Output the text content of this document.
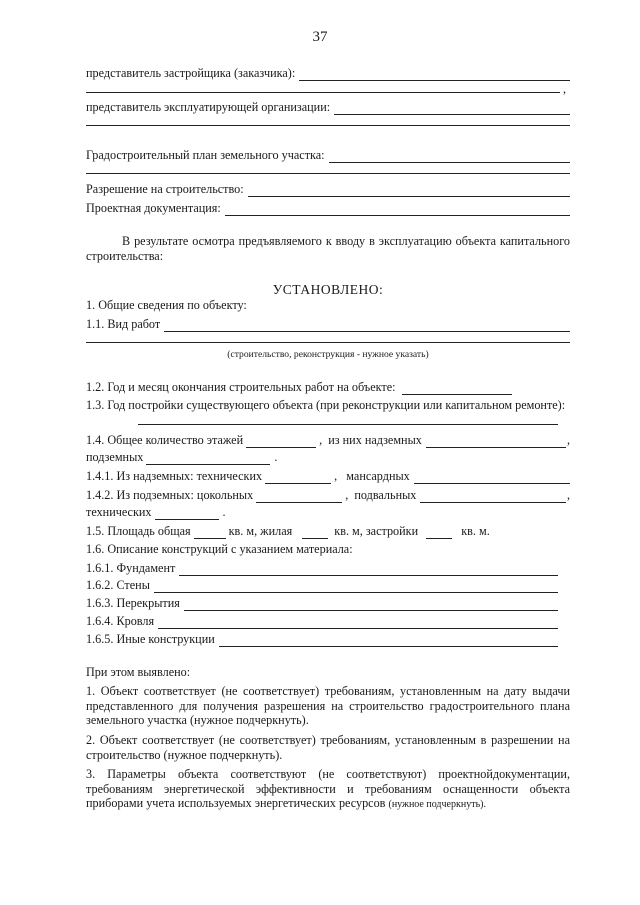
37
представитель застройщика (заказчика):
,
представитель эксплуатирующей организации:
Градостроительный план земельного участка:
Разрешение на строительство:
Проектная документация:
В результате осмотра предъявляемого к вводу в эксплуатацию объекта капитального строительства:
УСТАНОВЛЕНО:
1. Общие сведения по объекту:
1.1. Вид работ
(строительство, реконструкция - нужное указать)
1.2. Год и месяц окончания строительных работ на объекте:
1.3. Год постройки существующего объекта (при реконструкции или капитальном ремонте):
1.4. Общее количество этажей	, из них надземных	,
подземных	.
1.4.1. Из надземных: технических	, мансардных
1.4.2. Из подземных: цокольных	, подвальных	,
технических	.
1.5. Площадь общая	кв. м, жилая
	кв. м, застройки
	кв. м.
1.6. Описание конструкций с указанием материала:
1.6.1. Фундамент
1.6.2. Стены
1.6.3. Перекрытия
1.6.4. Кровля
1.6.5. Иные конструкции
При этом выявлено:
1. Объект соответствует (не соответствует) требованиям, установленным на дату выдачи представленного для получения разрешения на строительство градостроительного плана земельного участка (нужное подчеркнуть).
2. Объект соответствует (не соответствует) требованиям, установленным в разрешении на строительство (нужное подчеркнуть).
3. Параметры объекта соответствуют (не соответствуют) проектнойдокументации, требованиям энергетической эффективности и требованиям оснащенности объекта приборами учета используемых энергетических ресурсов (нужное подчеркнуть).
